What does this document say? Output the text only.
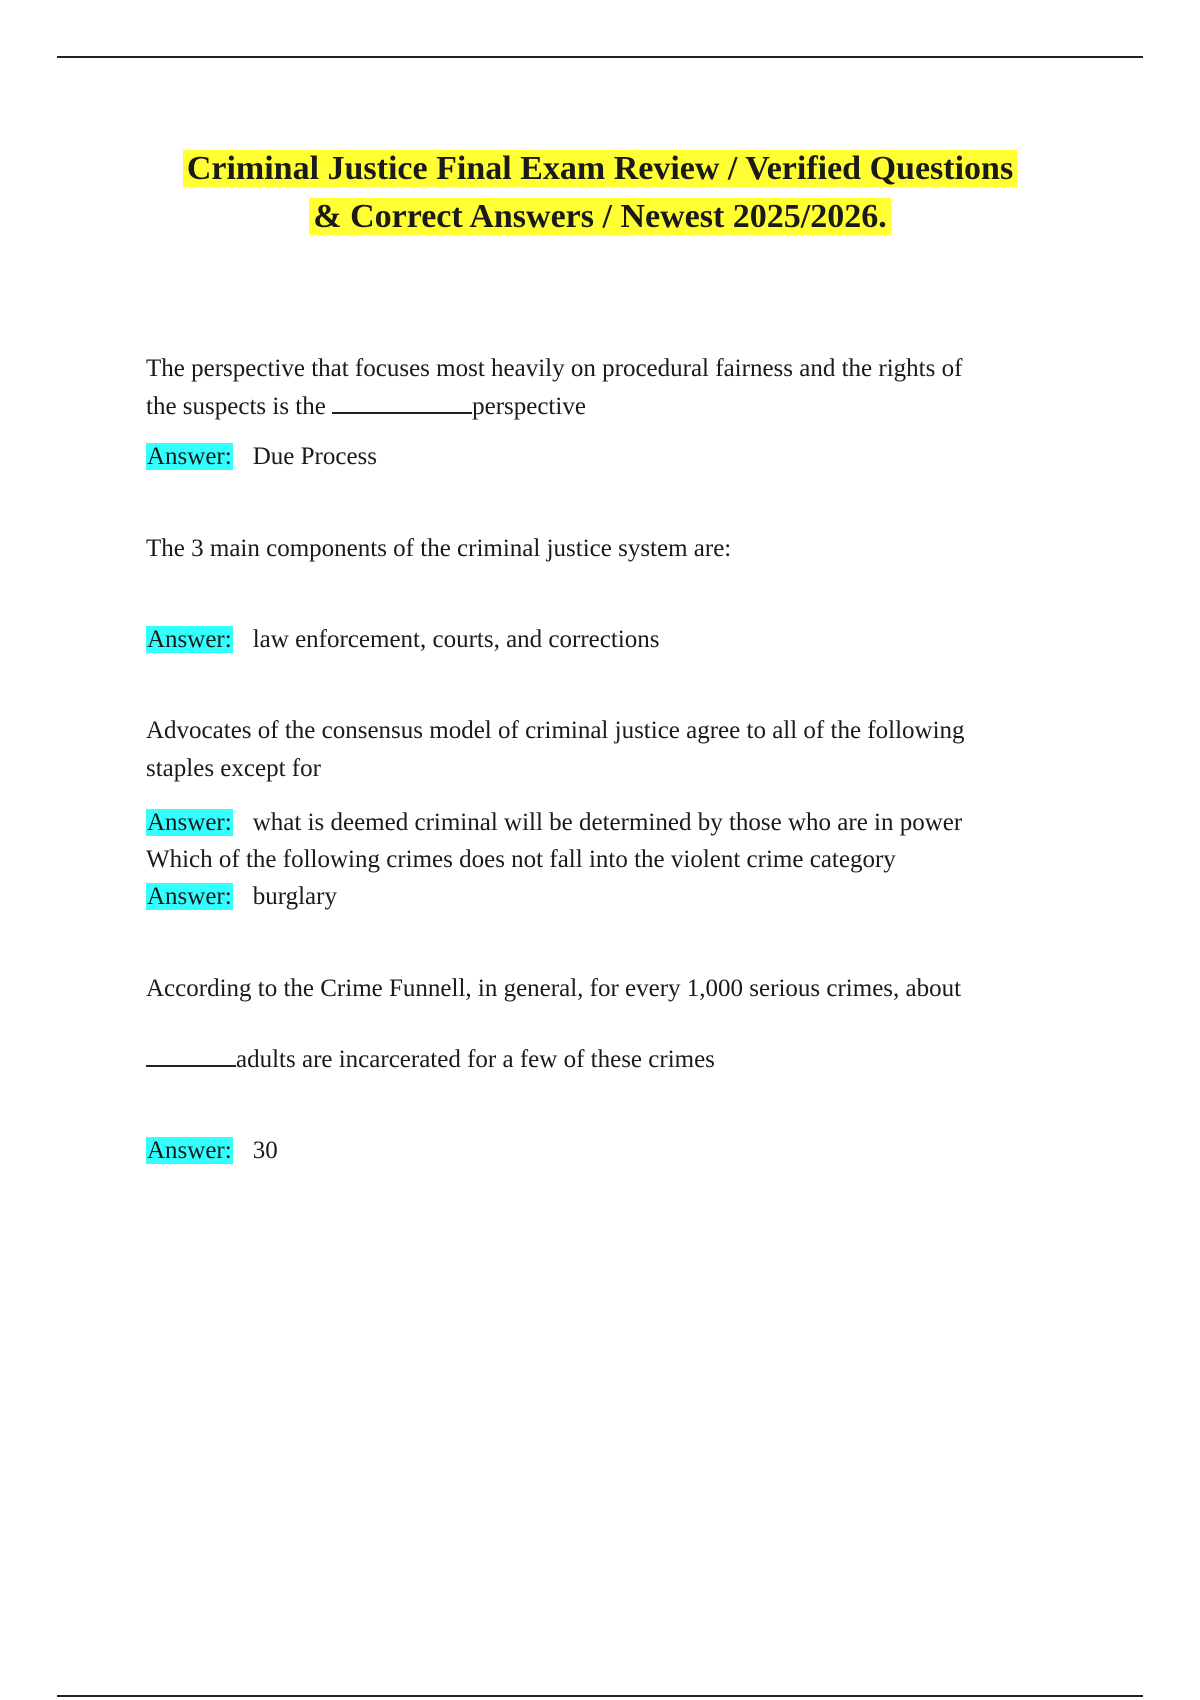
Criminal Justice Final Exam Review / Verified Questions
& Correct Answers / Newest 2025/2026.

The perspective that focuses most heavily on procedural fairness and the rights of
the suspects is the	perspective

Answer: Due Process

The 3 main components of the criminal justice system are:

Answer: law enforcement, courts, and corrections

Advocates of the consensus model of criminal justice agree to all of the following
staples except for

Answer: what is deemed criminal will be determined by those who are in power

Which of the following crimes does not fall into the violent crime category

Answer: burglary

According to the Crime Funnell, in general, for every 1,000 serious crimes, about

adults are incarcerated for a few of these crimes

Answer: 30
